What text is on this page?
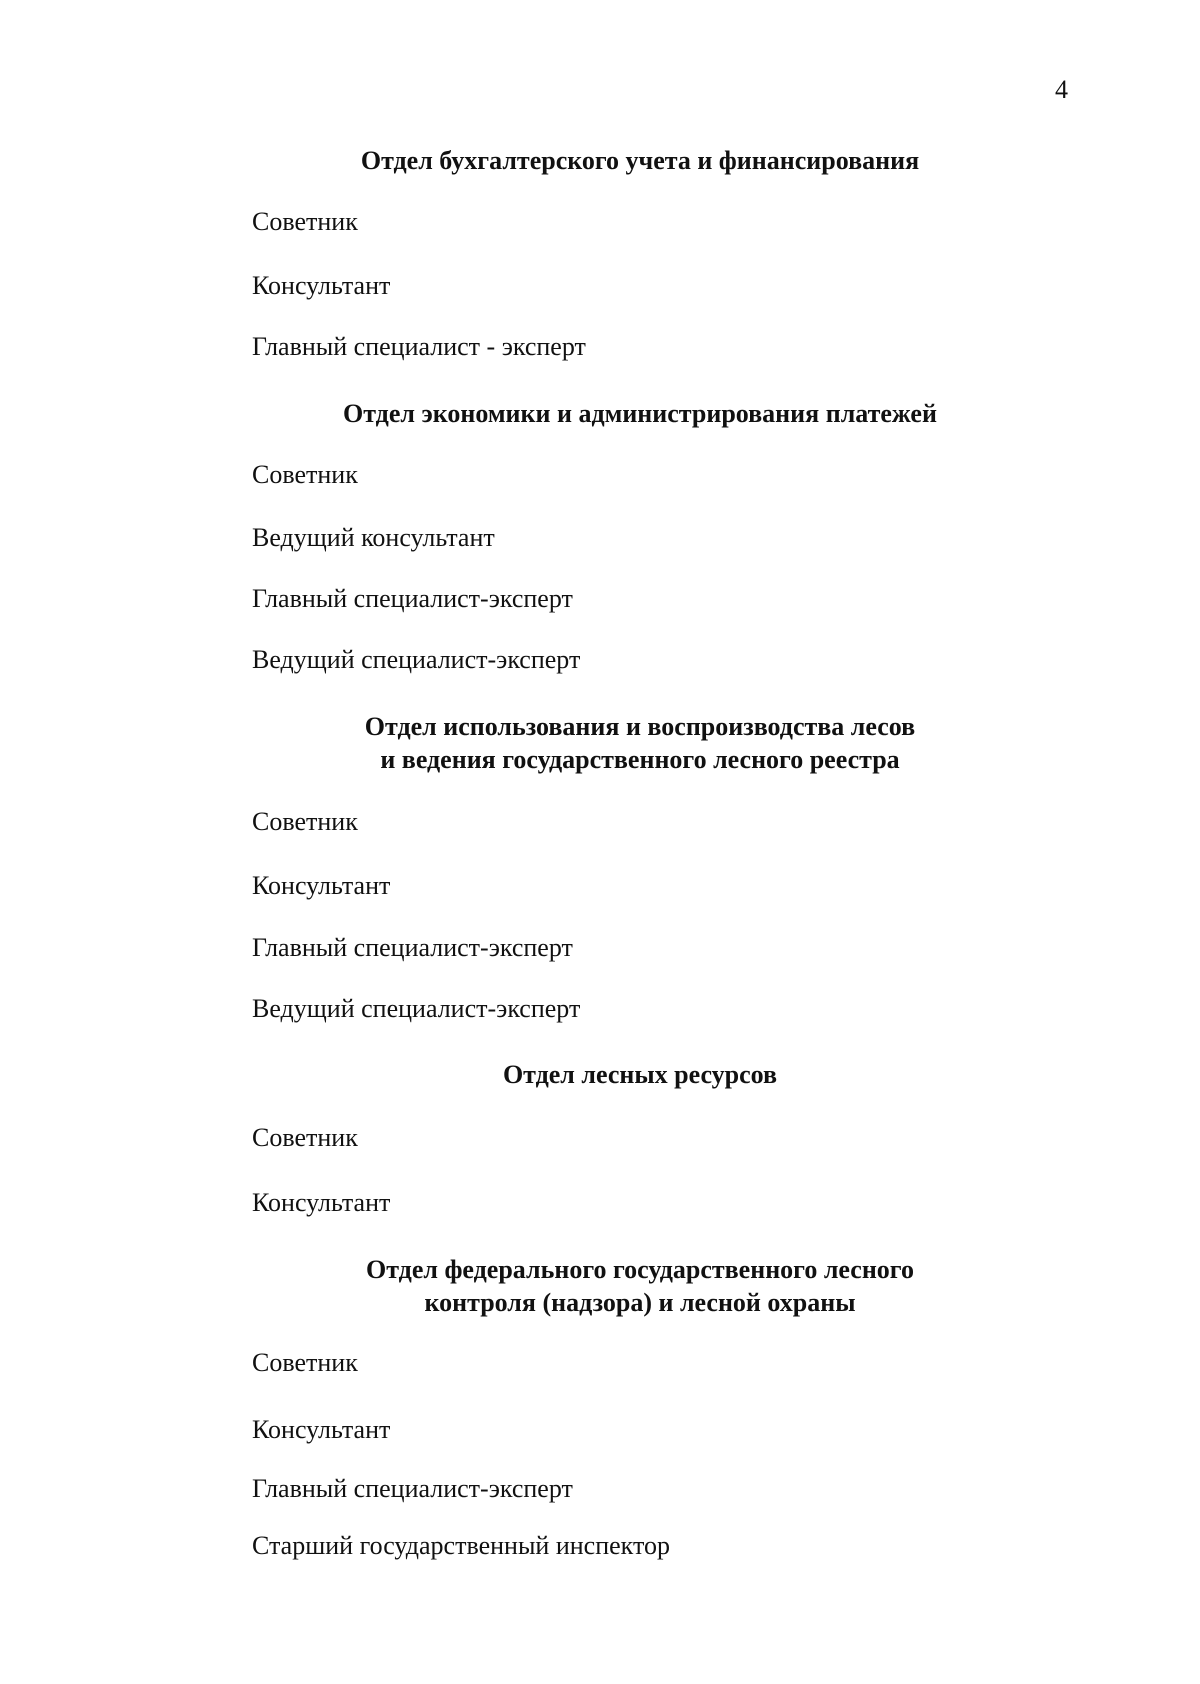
4
Отдел бухгалтерского учета и финансирования
Советник
Консультант
Главный специалист - эксперт
Отдел экономики и администрирования платежей
Советник
Ведущий консультант
Главный специалист-эксперт
Ведущий специалист-эксперт
Отдел использования и воспроизводства лесов
и ведения государственного лесного реестра
Советник
Консультант
Главный специалист-эксперт
Ведущий специалист-эксперт
Отдел лесных ресурсов
Советник
Консультант
Отдел федерального государственного лесного
контроля (надзора) и лесной охраны
Советник
Консультант
Главный специалист-эксперт
Старший государственный инспектор
